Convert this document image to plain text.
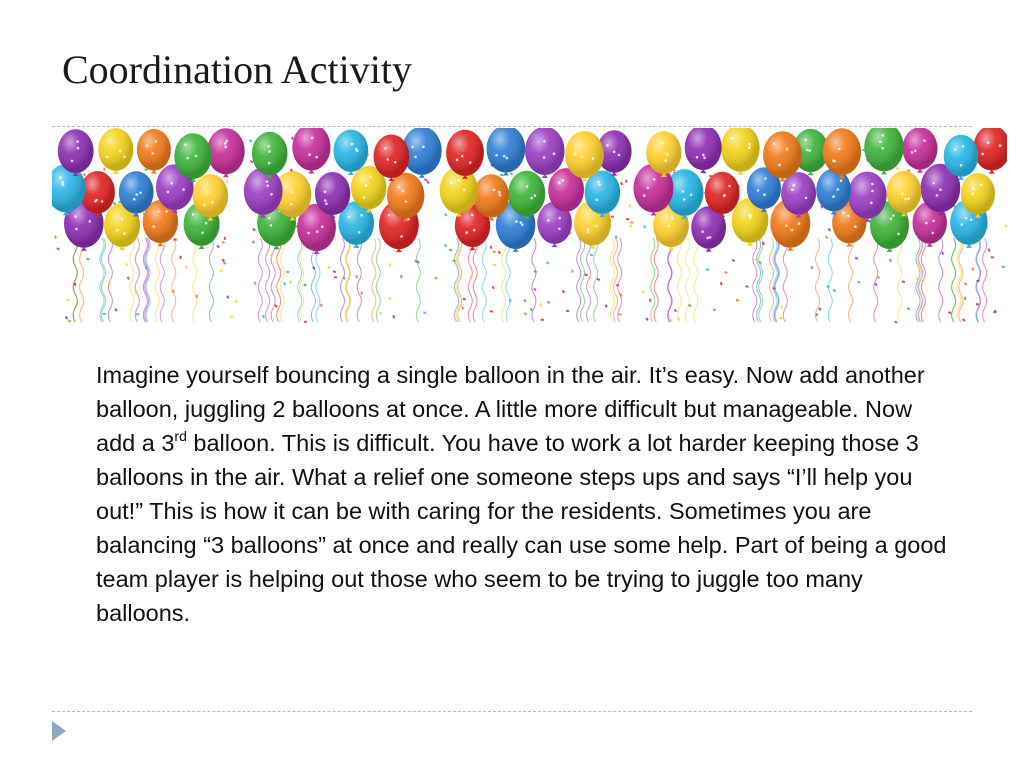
Coordination Activity

Imagine yourself bouncing a single balloon in the air. It’s easy. Now add another balloon, juggling 2 balloons at once. A little more difficult but manageable. Now add a 3rd balloon. This is difficult. You have to work a lot harder keeping those 3 balloons in the air. What a relief one someone steps ups and says “I’ll help you out!” This is how it can be with caring for the residents. Sometimes you are balancing “3 balloons” at once and really can use some help. Part of being a good team player is helping out those who seem to be trying to juggle too many balloons.
